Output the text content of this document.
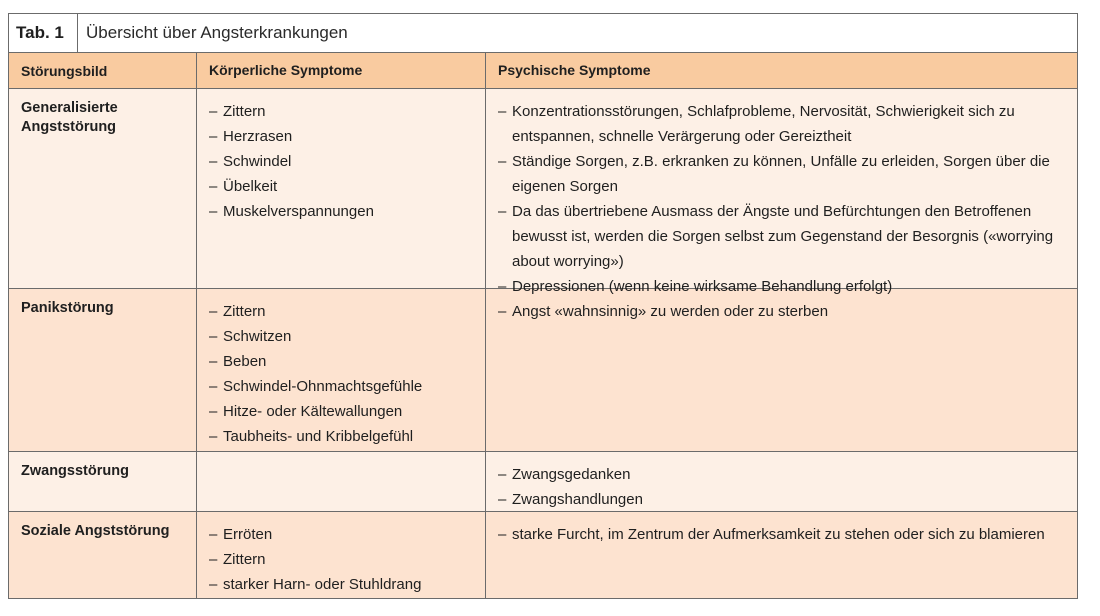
Tab. 1	Übersicht über Angsterkrankungen
Störungsbild	Körperliche Symptome	Psychische Symptome
Generalisierte Angststörung
– Zittern
– Herzrasen
– Schwindel
– Übelkeit
– Muskelverspannungen
– Konzentrationsstörungen, Schlafprobleme, Nervosität, Schwierigkeit sich zu entspannen, schnelle Verärgerung oder Gereiztheit
– Ständige Sorgen, z.B. erkranken zu können, Unfälle zu erleiden, Sorgen über die eigenen Sorgen
– Da das übertriebene Ausmass der Ängste und Befürchtungen den Betroffenen bewusst ist, werden die Sorgen selbst zum Gegenstand der Besorgnis («worrying about worrying»)
– Depressionen (wenn keine wirksame Behandlung erfolgt)
Panikstörung	– Zittern
– Schwitzen
– Beben
– Schwindel-Ohnmachtsgefühle
– Hitze- oder Kältewallungen
– Taubheits- und Kribbelgefühl
– Angst «wahnsinnig» zu werden oder zu sterben
Zwangsstörung	– Zwangsgedanken
– Zwangshandlungen
Soziale Angststörung	– Erröten
– Zittern
– starker Harn- oder Stuhldrang
– starke Furcht, im Zentrum der Aufmerksamkeit zu stehen oder sich zu blamieren
